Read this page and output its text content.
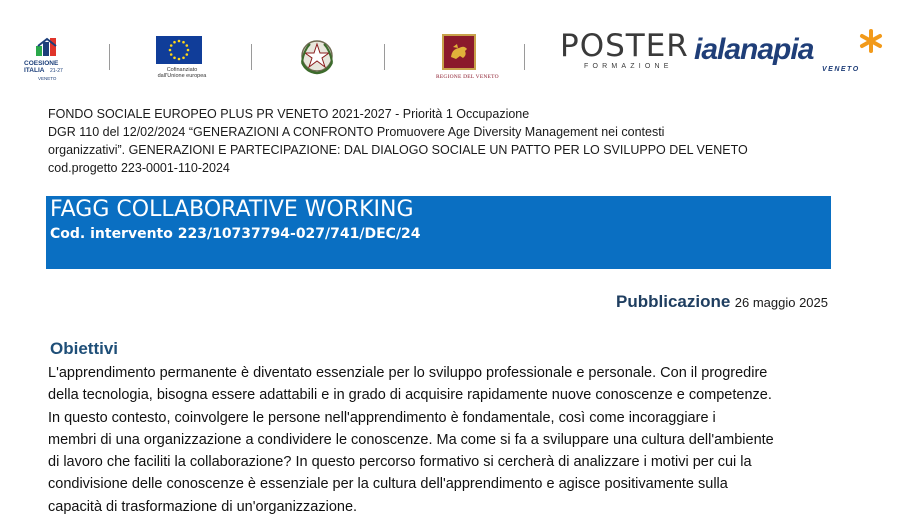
COESIONE
ITALIA	21-27
VENETO
Cofinanziato
dall'Unione europea	REGIONE DEL VENETO
POSTER
FORMAZIONE
ialanapia
VENETO
FONDO SOCIALE EUROPEO PLUS PR VENETO 2021-2027 - Priorità 1 Occupazione
DGR 110 del 12/02/2024 “GENERAZIONI A CONFRONTO Promuovere Age Diversity Management nei contesti
organizzativi”. GENERAZIONI E PARTECIPAZIONE: DAL DIALOGO SOCIALE UN PATTO PER LO SVILUPPO DEL VENETO
cod.progetto 223-0001-110-2024
FAGG COLLABORATIVE WORKING
Cod. intervento 223/10737794-027/741/DEC/24
Pubblicazione 26 maggio 2025
Obiettivi
L'apprendimento permanente è diventato essenziale per lo sviluppo professionale e personale. Con il progredire
della tecnologia, bisogna essere adattabili e in grado di acquisire rapidamente nuove conoscenze e competenze.
In questo contesto, coinvolgere le persone nell'apprendimento è fondamentale, così come incoraggiare i
membri di una organizzazione a condividere le conoscenze. Ma come si fa a sviluppare una cultura dell'ambiente
di lavoro che faciliti la collaborazione? In questo percorso formativo si cercherà di analizzare i motivi per cui la
condivisione delle conoscenze è essenziale per la cultura dell'apprendimento e agisce positivamente sulla
capacità di trasformazione di un'organizzazione.
